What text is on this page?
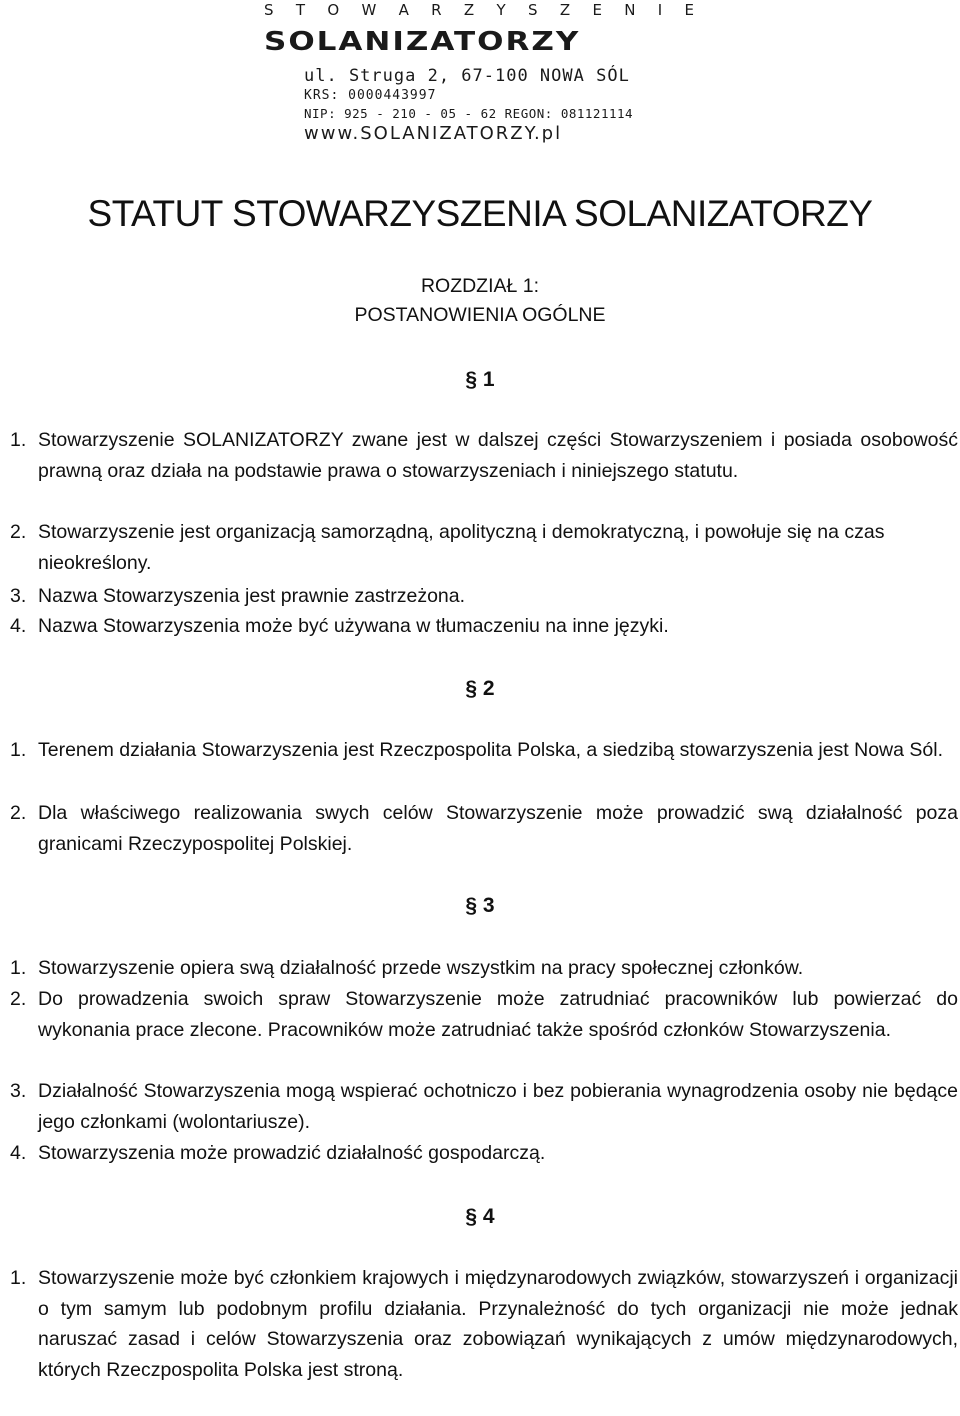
S T O W A R Z Y S Z E N I E
SOLANIZATORZY
ul. Struga 2, 67-100 NOWA SÓL
KRS: 0000443997
NIP: 925 - 210 - 05 - 62 REGON: 081121114
www.SOLANIZATORZY.pl
STATUT STOWARZYSZENIA SOLANIZATORZY
ROZDZIAŁ 1:
POSTANOWIENIA OGÓLNE
§ 1
1. Stowarzyszenie SOLANIZATORZY zwane jest w dalszej części Stowarzyszeniem i posiada osobowość prawną oraz działa na podstawie prawa o stowarzyszeniach i niniejszego statutu.
2. Stowarzyszenie jest organizacją samorządną, apolityczną i demokratyczną, i powołuje się na czas nieokreślony.
3. Nazwa Stowarzyszenia jest prawnie zastrzeżona.
4. Nazwa Stowarzyszenia może być używana w tłumaczeniu na inne języki.
§ 2
1. Terenem działania Stowarzyszenia jest Rzeczpospolita Polska, a siedzibą stowarzyszenia jest Nowa Sól.
2. Dla właściwego realizowania swych celów Stowarzyszenie może prowadzić swą działalność poza granicami Rzeczypospolitej Polskiej.
§ 3
1. Stowarzyszenie opiera swą działalność przede wszystkim na pracy społecznej członków.
2. Do prowadzenia swoich spraw Stowarzyszenie może zatrudniać pracowników lub powierzać do wykonania prace zlecone. Pracowników może zatrudniać także spośród członków Stowarzyszenia.
3. Działalność Stowarzyszenia mogą wspierać ochotniczo i bez pobierania wynagrodzenia osoby nie będące jego członkami (wolontariusze).
4. Stowarzyszenia może prowadzić działalność gospodarczą.
§ 4
1. Stowarzyszenie może być członkiem krajowych i międzynarodowych związków, stowarzyszeń i organizacji o tym samym lub podobnym profilu działania. Przynależność do tych organizacji nie może jednak naruszać zasad i celów Stowarzyszenia oraz zobowiązań wynikających z umów międzynarodowych, których Rzeczpospolita Polska jest stroną.
